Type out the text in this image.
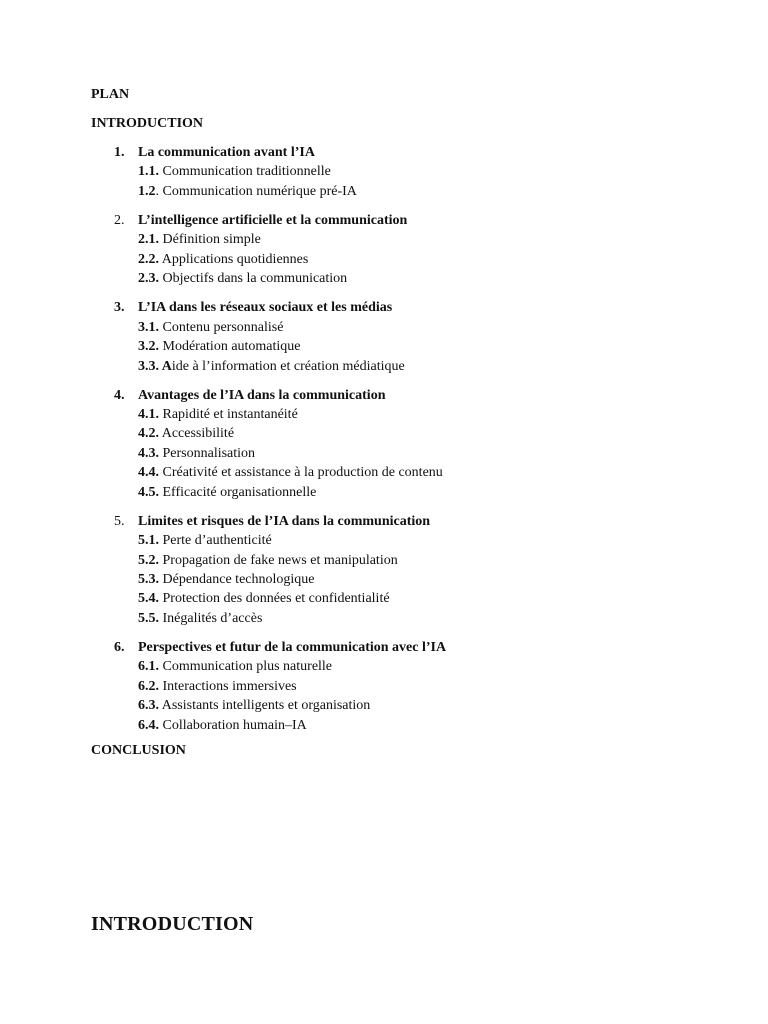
PLAN

INTRODUCTION

1. La communication avant l’IA
1.1. Communication traditionnelle
1.2. Communication numérique pré-IA
2. L’intelligence artificielle et la communication
2.1. Définition simple
2.2. Applications quotidiennes
2.3. Objectifs dans la communication
3. L’IA dans les réseaux sociaux et les médias
3.1. Contenu personnalisé
3.2. Modération automatique
3.3. Aide à l’information et création médiatique
4. Avantages de l’IA dans la communication
4.1. Rapidité et instantanéité
4.2. Accessibilité
4.3. Personnalisation
4.4. Créativité et assistance à la production de contenu
4.5. Efficacité organisationnelle
5. Limites et risques de l’IA dans la communication
5.1. Perte d’authenticité
5.2. Propagation de fake news et manipulation
5.3. Dépendance technologique
5.4. Protection des données et confidentialité
5.5. Inégalités d’accès
6. Perspectives et futur de la communication avec l’IA
6.1. Communication plus naturelle
6.2. Interactions immersives
6.3. Assistants intelligents et organisation
6.4. Collaboration humain–IA

CONCLUSION

INTRODUCTION
